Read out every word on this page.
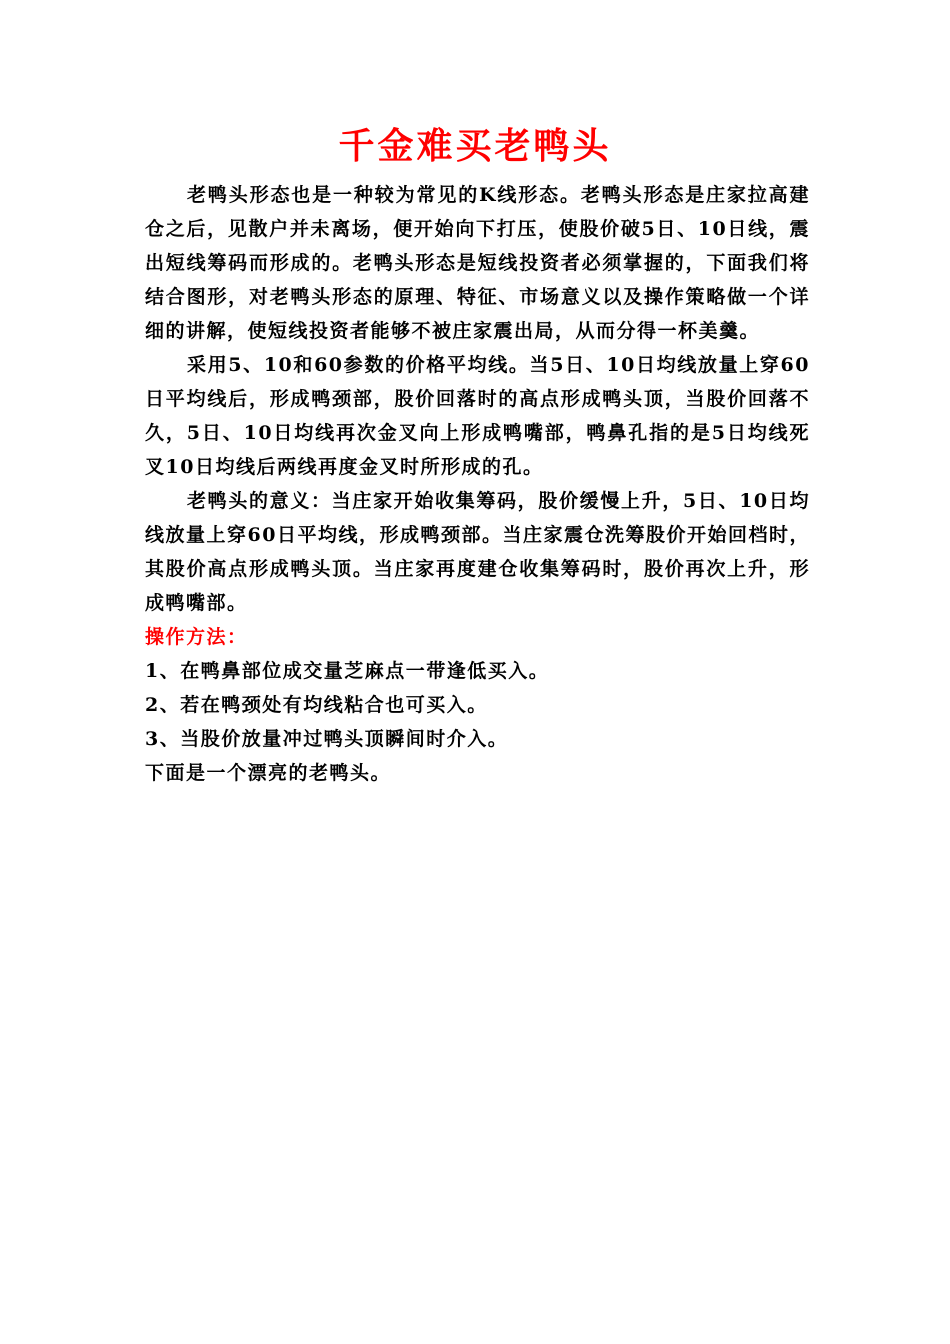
千金难买老鸭头

老鸭头形态也是一种较为常见的K线形态。老鸭头形态是庄家拉高建仓之后，见散户并未离场，便开始向下打压，使股价破5日、10日线，震出短线筹码而形成的。老鸭头形态是短线投资者必须掌握的，下面我们将结合图形，对老鸭头形态的原理、特征、市场意义以及操作策略做一个详细的讲解，使短线投资者能够不被庄家震出局，从而分得一杯美羹。

采用5、10和60参数的价格平均线。当5日、10日均线放量上穿60日平均线后，形成鸭颈部，股价回落时的高点形成鸭头顶，当股价回落不久，5日、10日均线再次金叉向上形成鸭嘴部，鸭鼻孔指的是5日均线死叉10日均线后两线再度金叉时所形成的孔。

老鸭头的意义：当庄家开始收集筹码，股价缓慢上升，5日、10日均线放量上穿60日平均线，形成鸭颈部。当庄家震仓洗筹股价开始回档时，其股价高点形成鸭头顶。当庄家再度建仓收集筹码时，股价再次上升，形成鸭嘴部。

操作方法：

1、在鸭鼻部位成交量芝麻点一带逢低买入。

2、若在鸭颈处有均线粘合也可买入。

3、当股价放量冲过鸭头顶瞬间时介入。

下面是一个漂亮的老鸭头。
